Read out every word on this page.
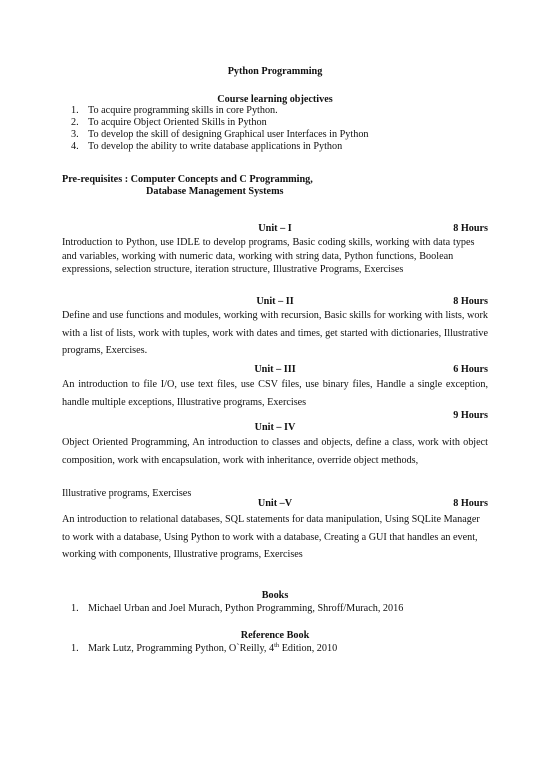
Python Programming
Course learning objectives
1. To acquire programming skills in core Python.
2. To acquire Object Oriented Skills in Python
3. To develop the skill of designing Graphical user Interfaces in Python
4. To develop the ability to write database applications in Python
Pre-requisites : Computer Concepts and C Programming,
Database Management Systems
Unit – I	8 Hours

Introduction to Python, use IDLE to develop programs, Basic coding skills, working with data types and variables, working with numeric data, working with string data, Python functions, Boolean expressions, selection structure, iteration structure, Illustrative Programs, Exercises

Unit – II	8 Hours

Define and use functions and modules, working with recursion, Basic skills for working with lists, work with a list of lists, work with tuples, work with dates and times, get started with dictionaries, Illustrative programs, Exercises.

Unit – III	6 Hours

An introduction to file I/O, use text files, use CSV files, use binary files, Handle a single exception, handle multiple exceptions, Illustrative programs, Exercises

9 Hours
Unit – IV

Object Oriented Programming, An introduction to classes and objects, define a class, work with object composition, work with encapsulation, work with inheritance, override object methods,

Illustrative programs, Exercises

Unit –V	8 Hours

An introduction to relational databases, SQL statements for data manipulation, Using SQLite Manager to work with a database, Using Python to work with a database, Creating a GUI that handles an event, working with components, Illustrative programs, Exercises

Books
1. Michael Urban and Joel Murach, Python Programming, Shroff/Murach, 2016
Reference Book
1. Mark Lutz, Programming Python, O`Reilly, 4th Edition, 2010
